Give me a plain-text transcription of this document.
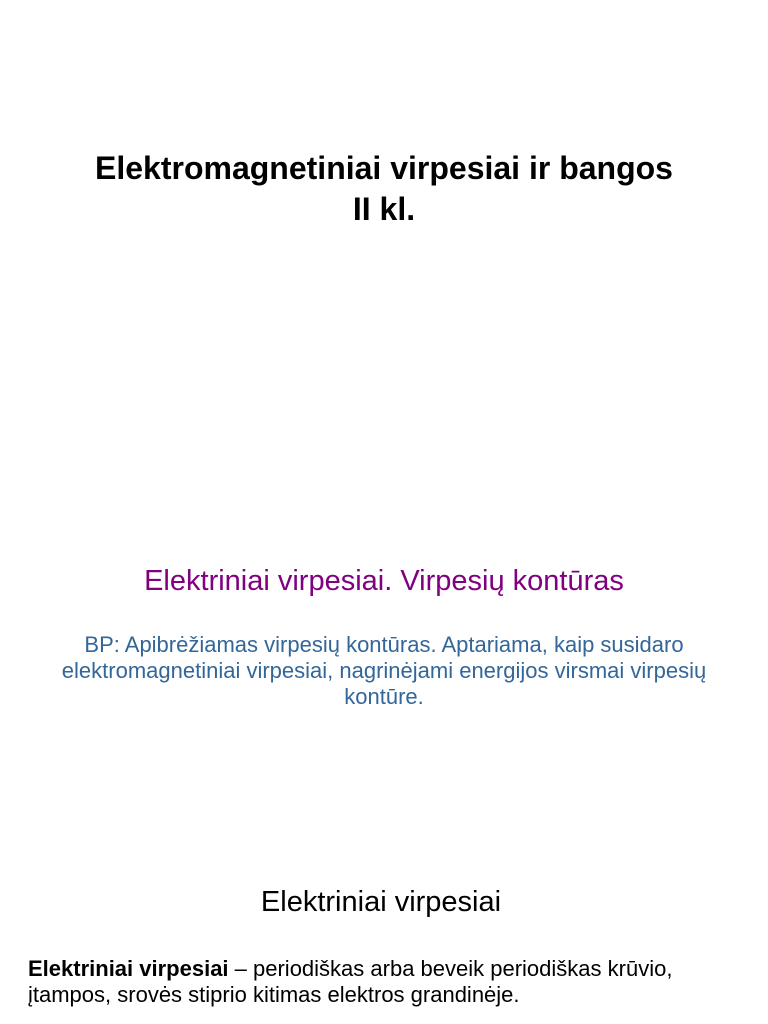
Elektromagnetiniai virpesiai ir bangos
II kl.
Elektriniai virpesiai. Virpesių kontūras
BP: Apibrėžiamas virpesių kontūras. Aptariama, kaip susidaro elektromagnetiniai virpesiai, nagrinėjami energijos virsmai virpesių kontūre.
Elektriniai virpesiai
Elektriniai virpesiai – periodiškas arba beveik periodiškas krūvio, įtampos, srovės stiprio kitimas elektros grandinėje.
